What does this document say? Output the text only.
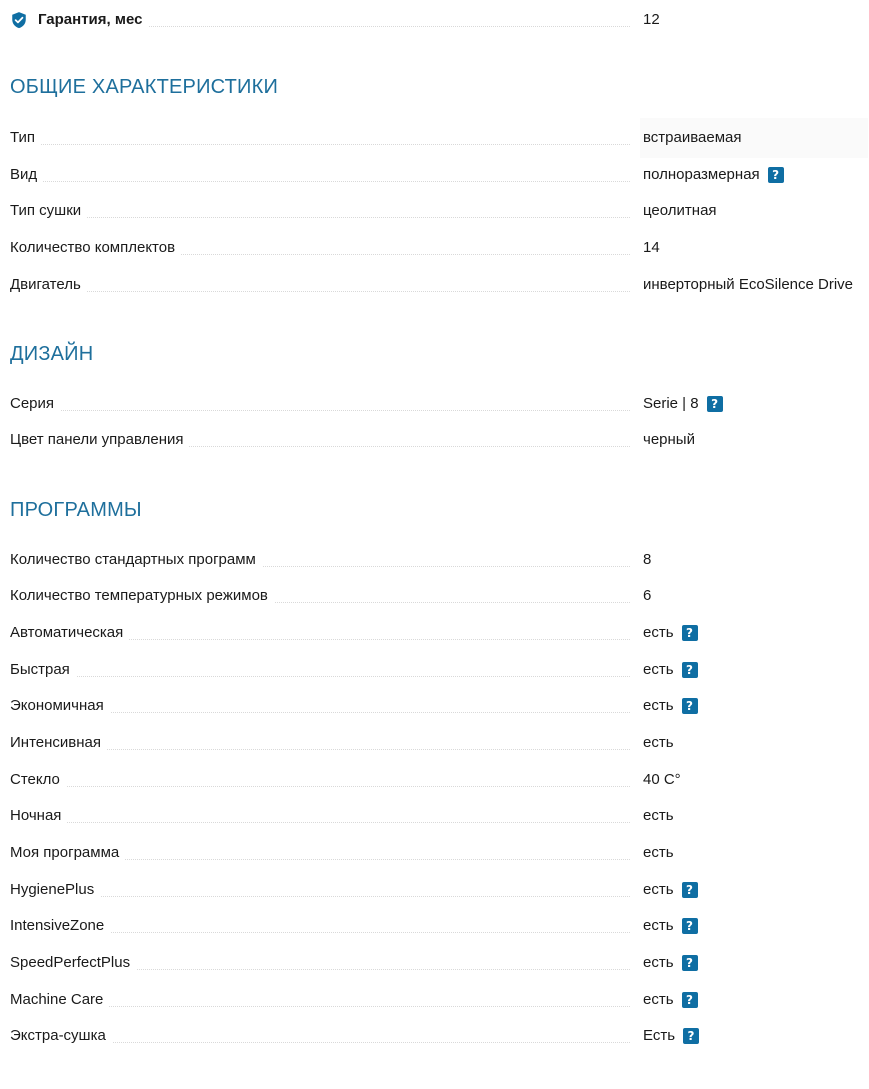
Гарантия, мес	12
ОБЩИЕ ХАРАКТЕРИСТИКИ
Тип	встраиваемая
Вид	полноразмерная	?
Тип сушки	цеолитная
Количество комплектов	14
Двигатель	инверторный EcoSilence Drive
ДИЗАЙН
Серия	Serie | 8	?
Цвет панели управления	черный
ПРОГРАММЫ
Количество стандартных программ	8
Количество температурных режимов	6
Автоматическая	есть	?
Быстрая	есть	?
Экономичная	есть	?
Интенсивная	есть
Стекло	40 C°
Ночная	есть
Моя программа	есть
HygienePlus	есть	?
IntensiveZone	есть	?
SpeedPerfectPlus	есть	?
Machine Care	есть	?
Экстра-сушка	Есть	?
